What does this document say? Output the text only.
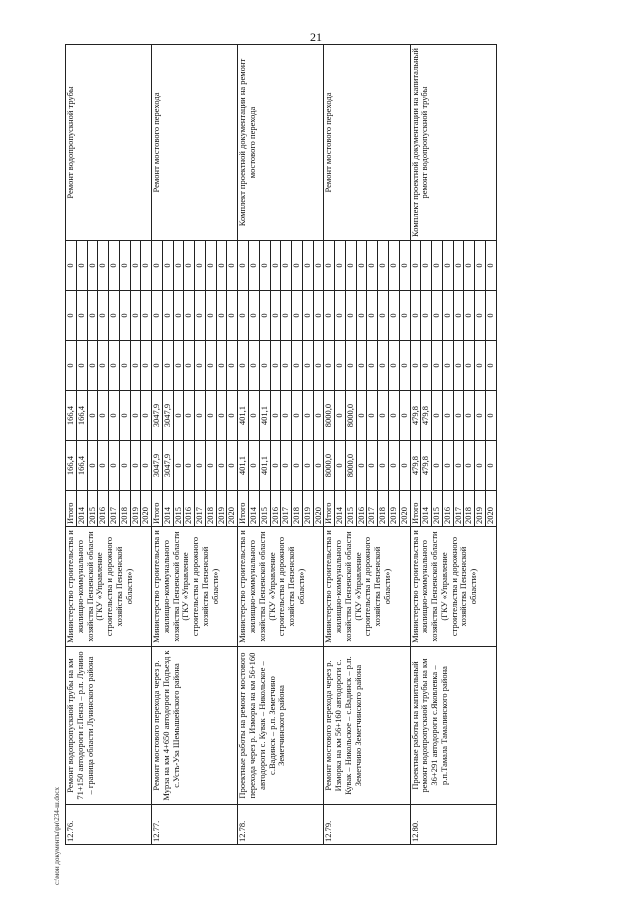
21
12.76.	Ремонт водопропускной трубы на км 71+150 автодороги г.Пенза – р.п. Лунино – граница области Лунинского района	Министерство строительства и жилищно-коммунального хозяйства Пензенской области (ГКУ «Управление строительства и дорожного хозяйства Пензенской области»)	Итого	166,4	166,4	0	0	0	Ремонт водопропускной трубы
			2014	166,4	166,4	0	0	0	
			2015	0	0	0	0	0	
			2016	0	0	0	0	0	
			2017	0	0	0	0	0	
			2018	0	0	0	0	0	
			2019	0	0	0	0	0	
			2020	0	0	0	0	0	
12.77.	Ремонт мостового перехода через р. Мурза на км 4+650 автодороги Подъезд к с.Усть-Уза Шемышейского района	Министерство строительства и жилищно-коммунального хозяйства Пензенской области (ГКУ «Управление строительства и дорожного хозяйства Пензенской области»)	Итого	3047,9	3047,9	0	0	0	Ремонт мостового перехода
			2014	3047,9	3047,9	0	0	0	
			2015	0	0	0	0	0	
			2016	0	0	0	0	0	
			2017	0	0	0	0	0	
			2018	0	0	0	0	0	
			2019	0	0	0	0	0	
			2020	0	0	0	0	0	
12.78.	Проектные работы на ремонт мостового перехода через р. Изморка на км 56+160 автодороги с. Кувак – Никольское – с.Вадинск – р.п. Земетчино Земетчинского района	Министерство строительства и жилищно-коммунального хозяйства Пензенской области (ГКУ «Управление строительства и дорожного хозяйства Пензенской области»)	Итого	401,1	401,1	0	0	0	Комплект проектной документации на ремонт мостового перехода
			2014	0	0	0	0	0	
			2015	401,1	401,1	0	0	0	
			2016	0	0	0	0	0	
			2017	0	0	0	0	0	
			2018	0	0	0	0	0	
			2019	0	0	0	0	0	
			2020	0	0	0	0	0	
12.79.	Ремонт мостового перехода через р. Изморка на км 56+160 автодороги с. Кувак – Никольское – с.Вадинск – р.п. Земетчино Земетчинского района	Министерство строительства и жилищно-коммунального хозяйства Пензенской области (ГКУ «Управление строительства и дорожного хозяйства Пензенской области»)	Итого	8000,0	8000,0	0	0	0	Ремонт мостового перехода
			2014	0	0	0	0	0	
			2015	8000,0	8000,0	0	0	0	
			2016	0	0	0	0	0	
			2017	0	0	0	0	0	
			2018	0	0	0	0	0	
			2019	0	0	0	0	0	
			2020	0	0	0	0	0	
12.80.	Проектные работы на капитальный ремонт водопропускной трубы на км 36+291 автодороги с.Яковлевка – р.п.Тамала Тамалинского района	Министерство строительства и жилищно-коммунального хозяйства Пензенской области (ГКУ «Управление строительства и дорожного хозяйства Пензенской области»)	Итого	479,8	479,8	0	0	0	Комплект проектной документации на капитальный ремонт водопропускной трубы
			2014	479,8	479,8	0	0	0	
			2015	0	0	0	0	0	
			2016	0	0	0	0	0	
			2017	0	0	0	0	0	
			2018	0	0	0	0	0	
			2019	0	0	0	0	0	
			2020	0	0	0	0	0	
c:\мои документы\ри\234-ш.docx
